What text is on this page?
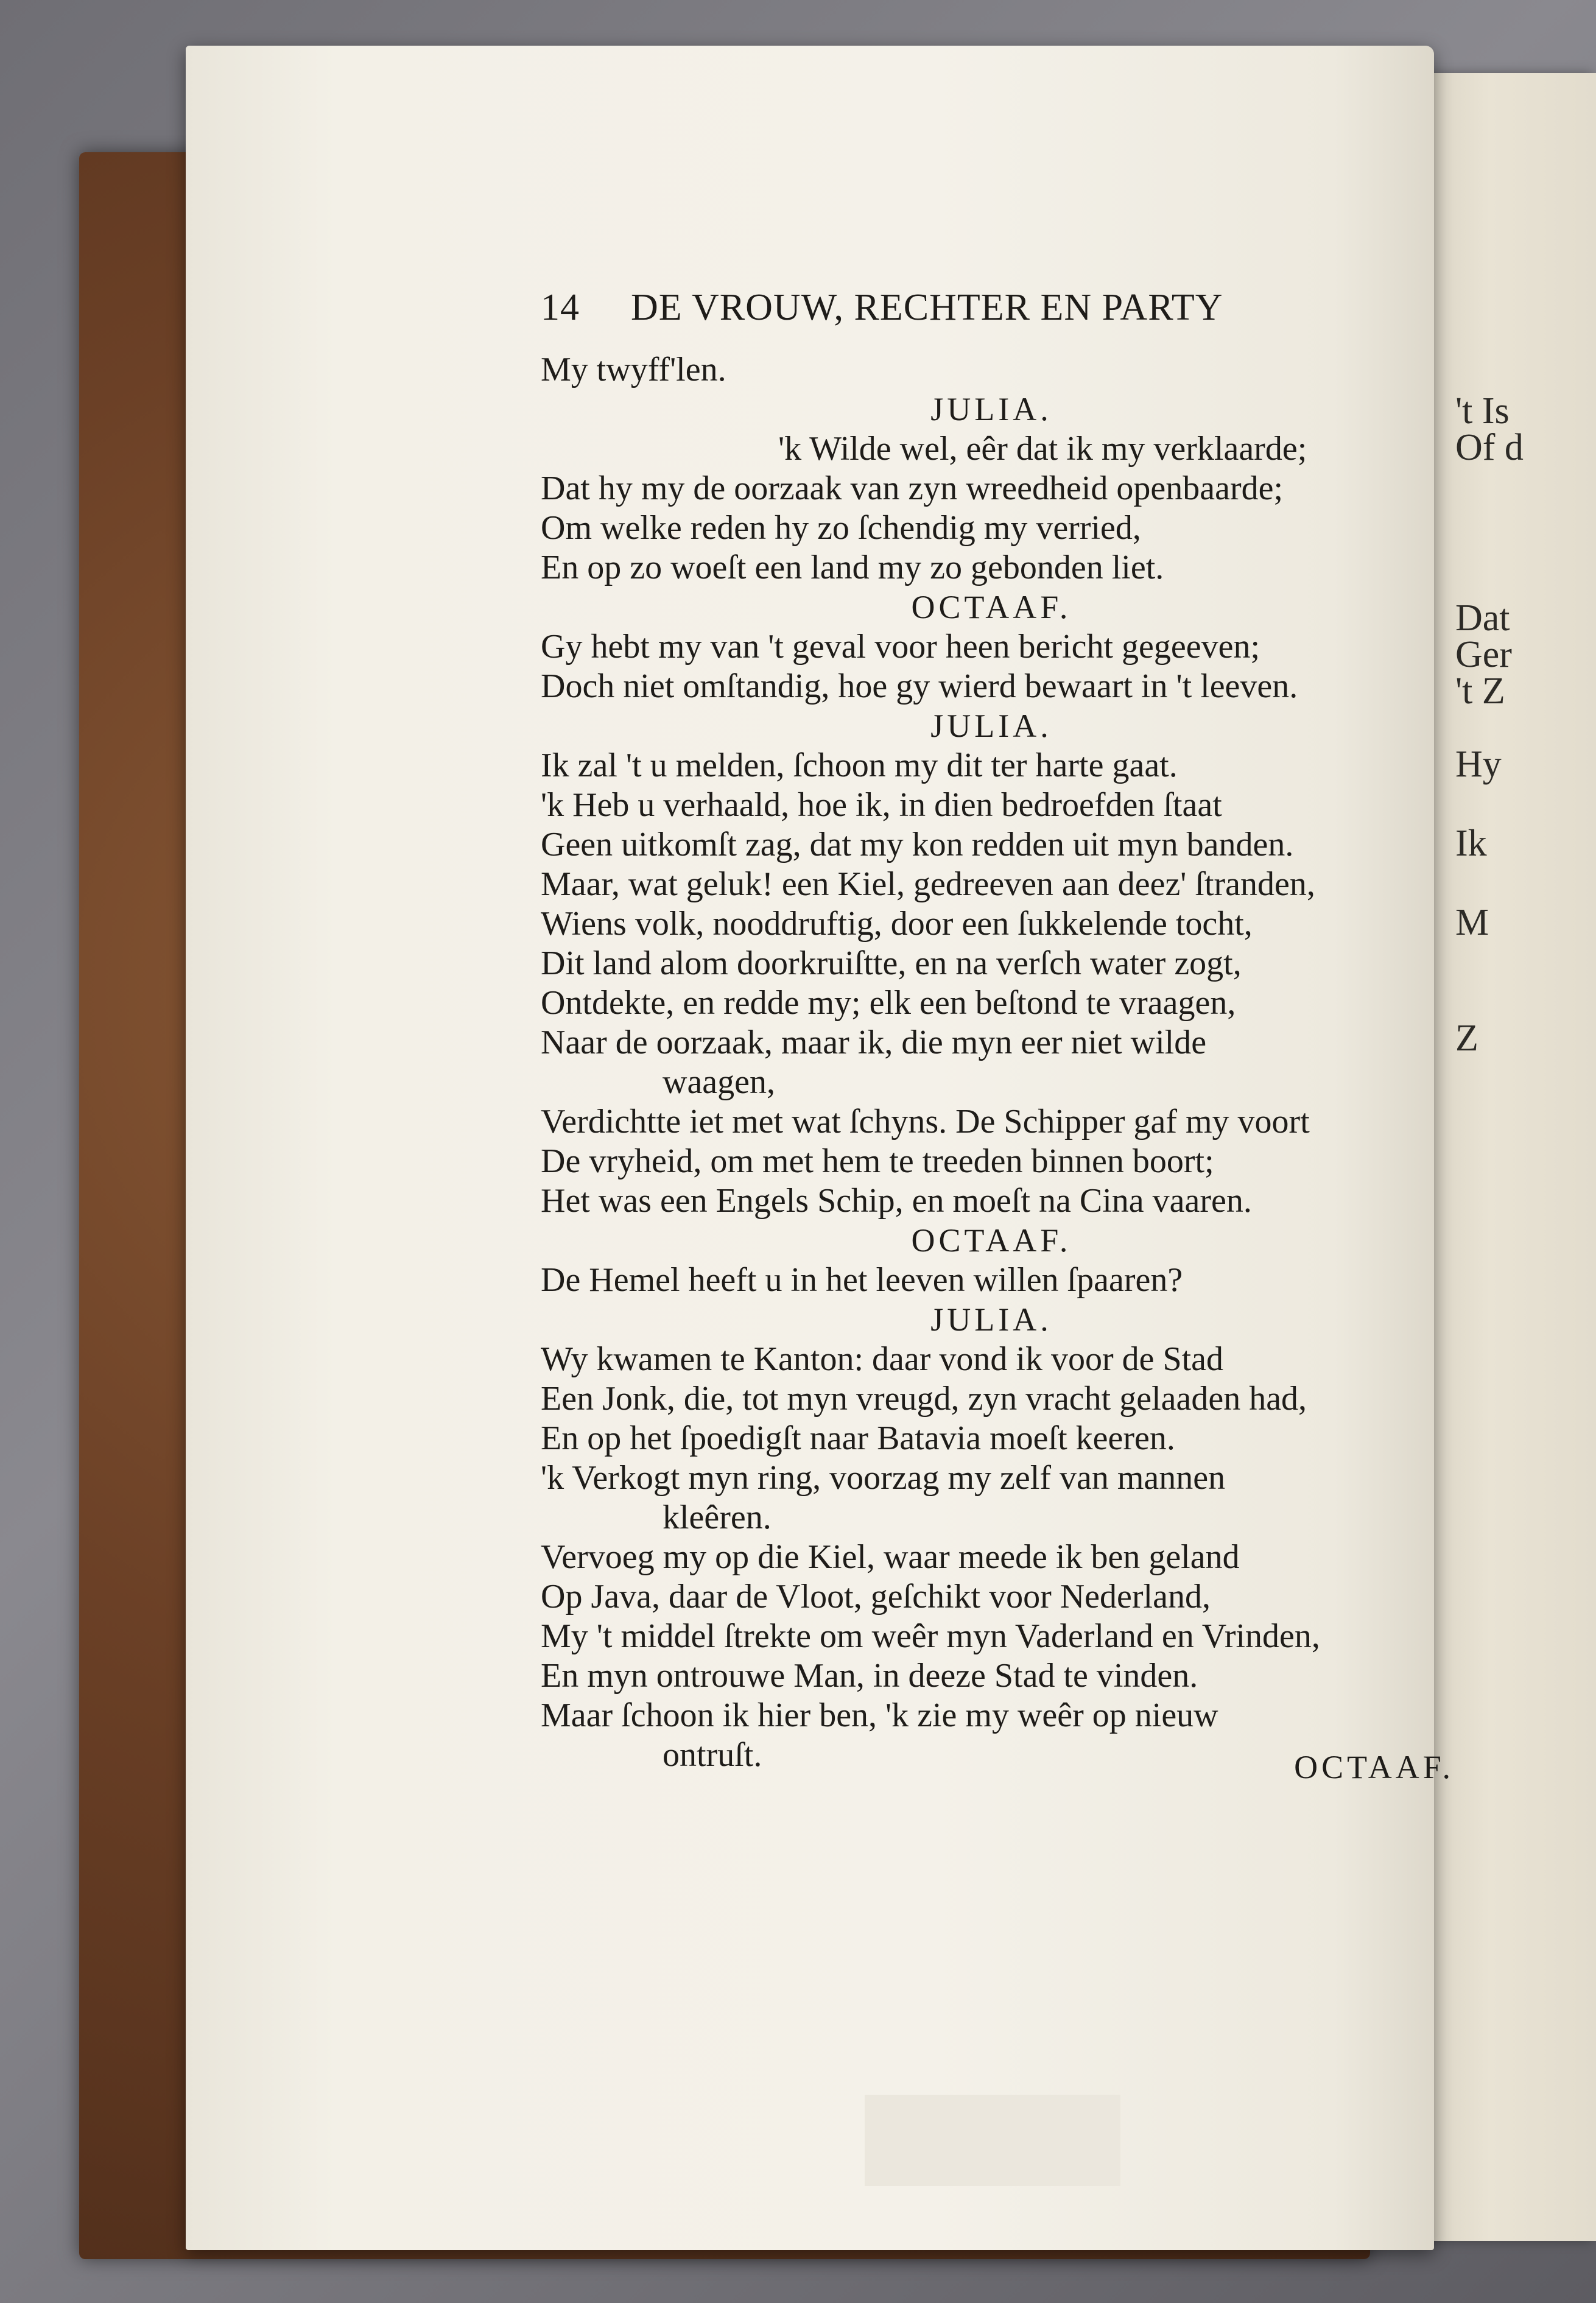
't Is
Of d
Dat
Ger
't Z
Hy
Ik
M
Z
14 DE VROUW, RECHTER EN PARTY
My twyff'len.
JULIA.
'k Wilde wel, eêr dat ik my verklaarde;
Dat hy my de oorzaak van zyn wreedheid openbaarde;
Om welke reden hy zo ſchendig my verried,
En op zo woeſt een land my zo gebonden liet.
OCTAAF.
Gy hebt my van 't geval voor heen bericht gegeeven;
Doch niet omſtandig, hoe gy wierd bewaart in 't leeven.
JULIA.
Ik zal 't u melden, ſchoon my dit ter harte gaat.
'k Heb u verhaald, hoe ik, in dien bedroefden ſtaat
Geen uitkomſt zag, dat my kon redden uit myn banden.
Maar, wat geluk! een Kiel, gedreeven aan deez' ſtranden,
Wiens volk, nooddruftig, door een ſukkelende tocht,
Dit land alom doorkruiſtte, en na verſch water zogt,
Ontdekte, en redde my; elk een beſtond te vraagen,
Naar de oorzaak, maar ik, die myn eer niet wilde
waagen,
Verdichtte iet met wat ſchyns. De Schipper gaf my voort
De vryheid, om met hem te treeden binnen boort;
Het was een Engels Schip, en moeſt na Cina vaaren.
OCTAAF.
De Hemel heeft u in het leeven willen ſpaaren?
JULIA.
Wy kwamen te Kanton: daar vond ik voor de Stad
Een Jonk, die, tot myn vreugd, zyn vracht gelaaden had,
En op het ſpoedigſt naar Batavia moeſt keeren.
'k Verkogt myn ring, voorzag my zelf van mannen
kleêren.
Vervoeg my op die Kiel, waar meede ik ben geland
Op Java, daar de Vloot, geſchikt voor Nederland,
My 't middel ſtrekte om weêr myn Vaderland en Vrinden,
En myn ontrouwe Man, in deeze Stad te vinden.
Maar ſchoon ik hier ben, 'k zie my weêr op nieuw
ontruſt.	OCTAAF.
